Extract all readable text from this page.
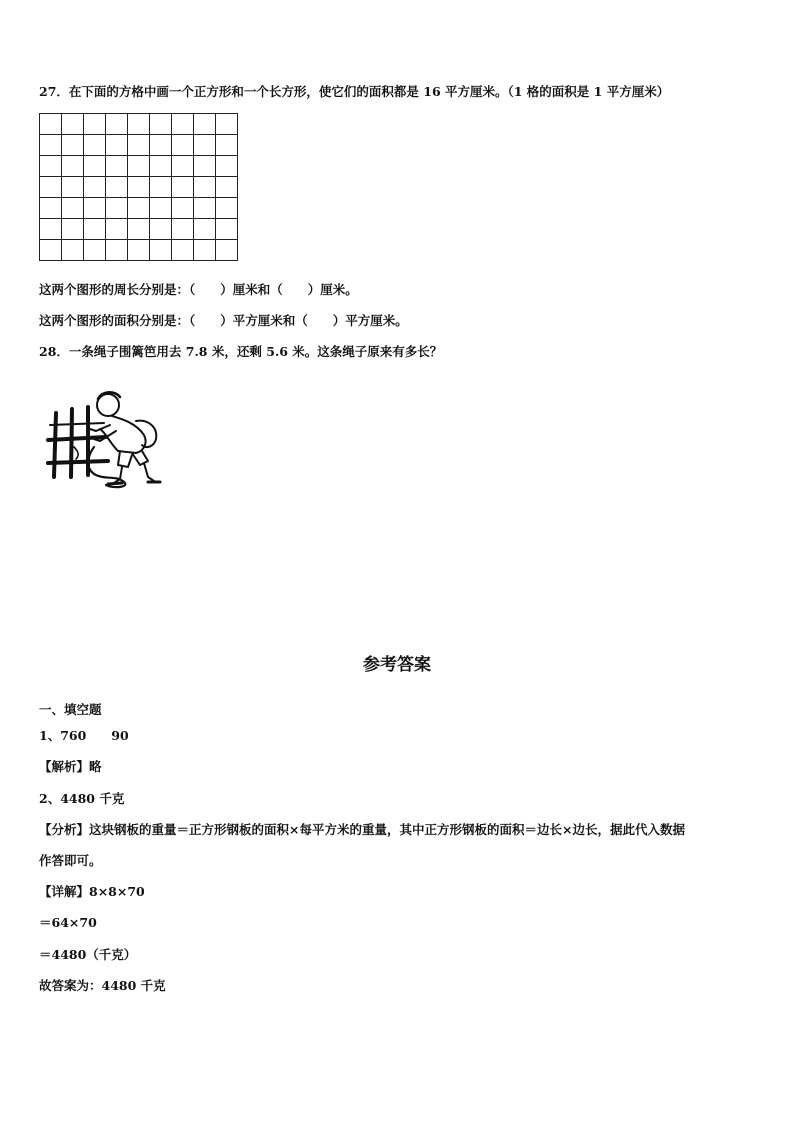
27．在下面的方格中画一个正方形和一个长方形，使它们的面积都是 16 平方厘米。（1 格的面积是 1 平方厘米）

这两个图形的周长分别是：（　　）厘米和（　　）厘米。
这两个图形的面积分别是：（　　）平方厘米和（　　）平方厘米。
28．一条绳子围篱笆用去 7.8 米，还剩 5.6 米。这条绳子原来有多长？
参考答案
一、填空题
1、760　　90
【解析】略
2、4480 千克
【分析】这块钢板的重量＝正方形钢板的面积×每平方米的重量，其中正方形钢板的面积＝边长×边长，据此代入数据
作答即可。
【详解】8×8×70
＝64×70
＝4480（千克）
故答案为：4480 千克
